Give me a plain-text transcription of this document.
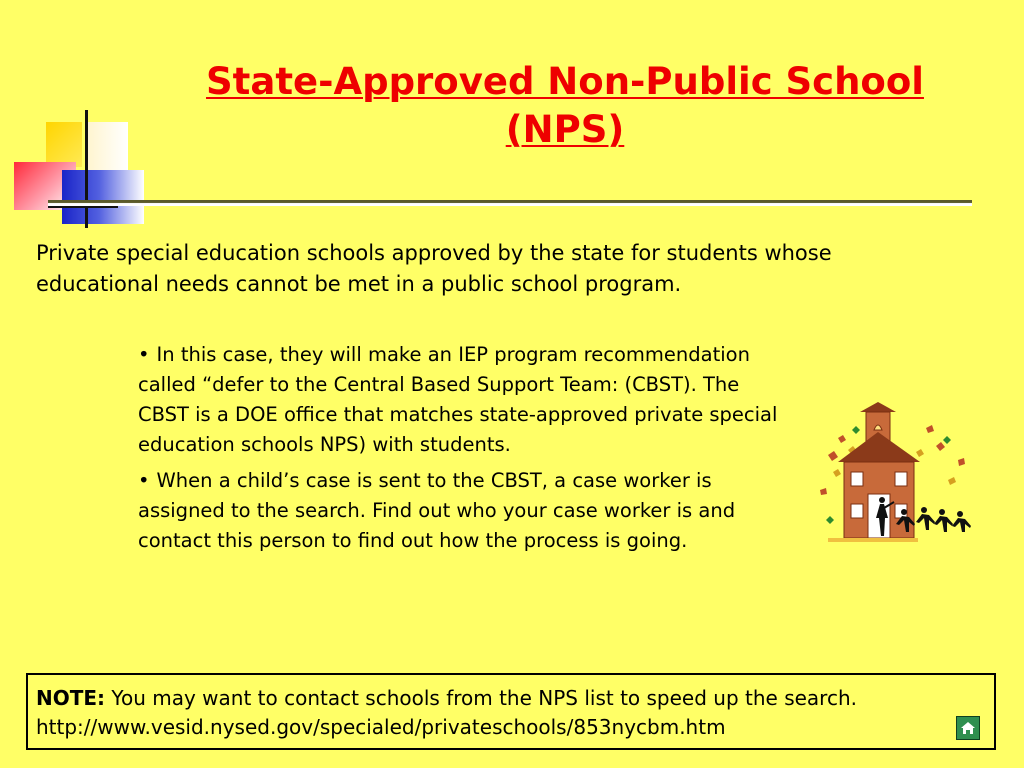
State-Approved Non-Public School
(NPS)
Private special education schools approved by the state for students whose educational needs cannot be met in a public school program.
• In this case, they will make an IEP program recommendation called “defer to the Central Based Support Team: (CBST). The CBST is a DOE office that matches state-approved private special education schools NPS) with students.
• When a child’s case is sent to the CBST, a case worker is assigned to the search. Find out who your case worker is and contact this person to find out how the process is going.
NOTE: You may want to contact schools from the NPS list to speed up the search.
http://www.vesid.nysed.gov/specialed/privateschools/853nycbm.htm
